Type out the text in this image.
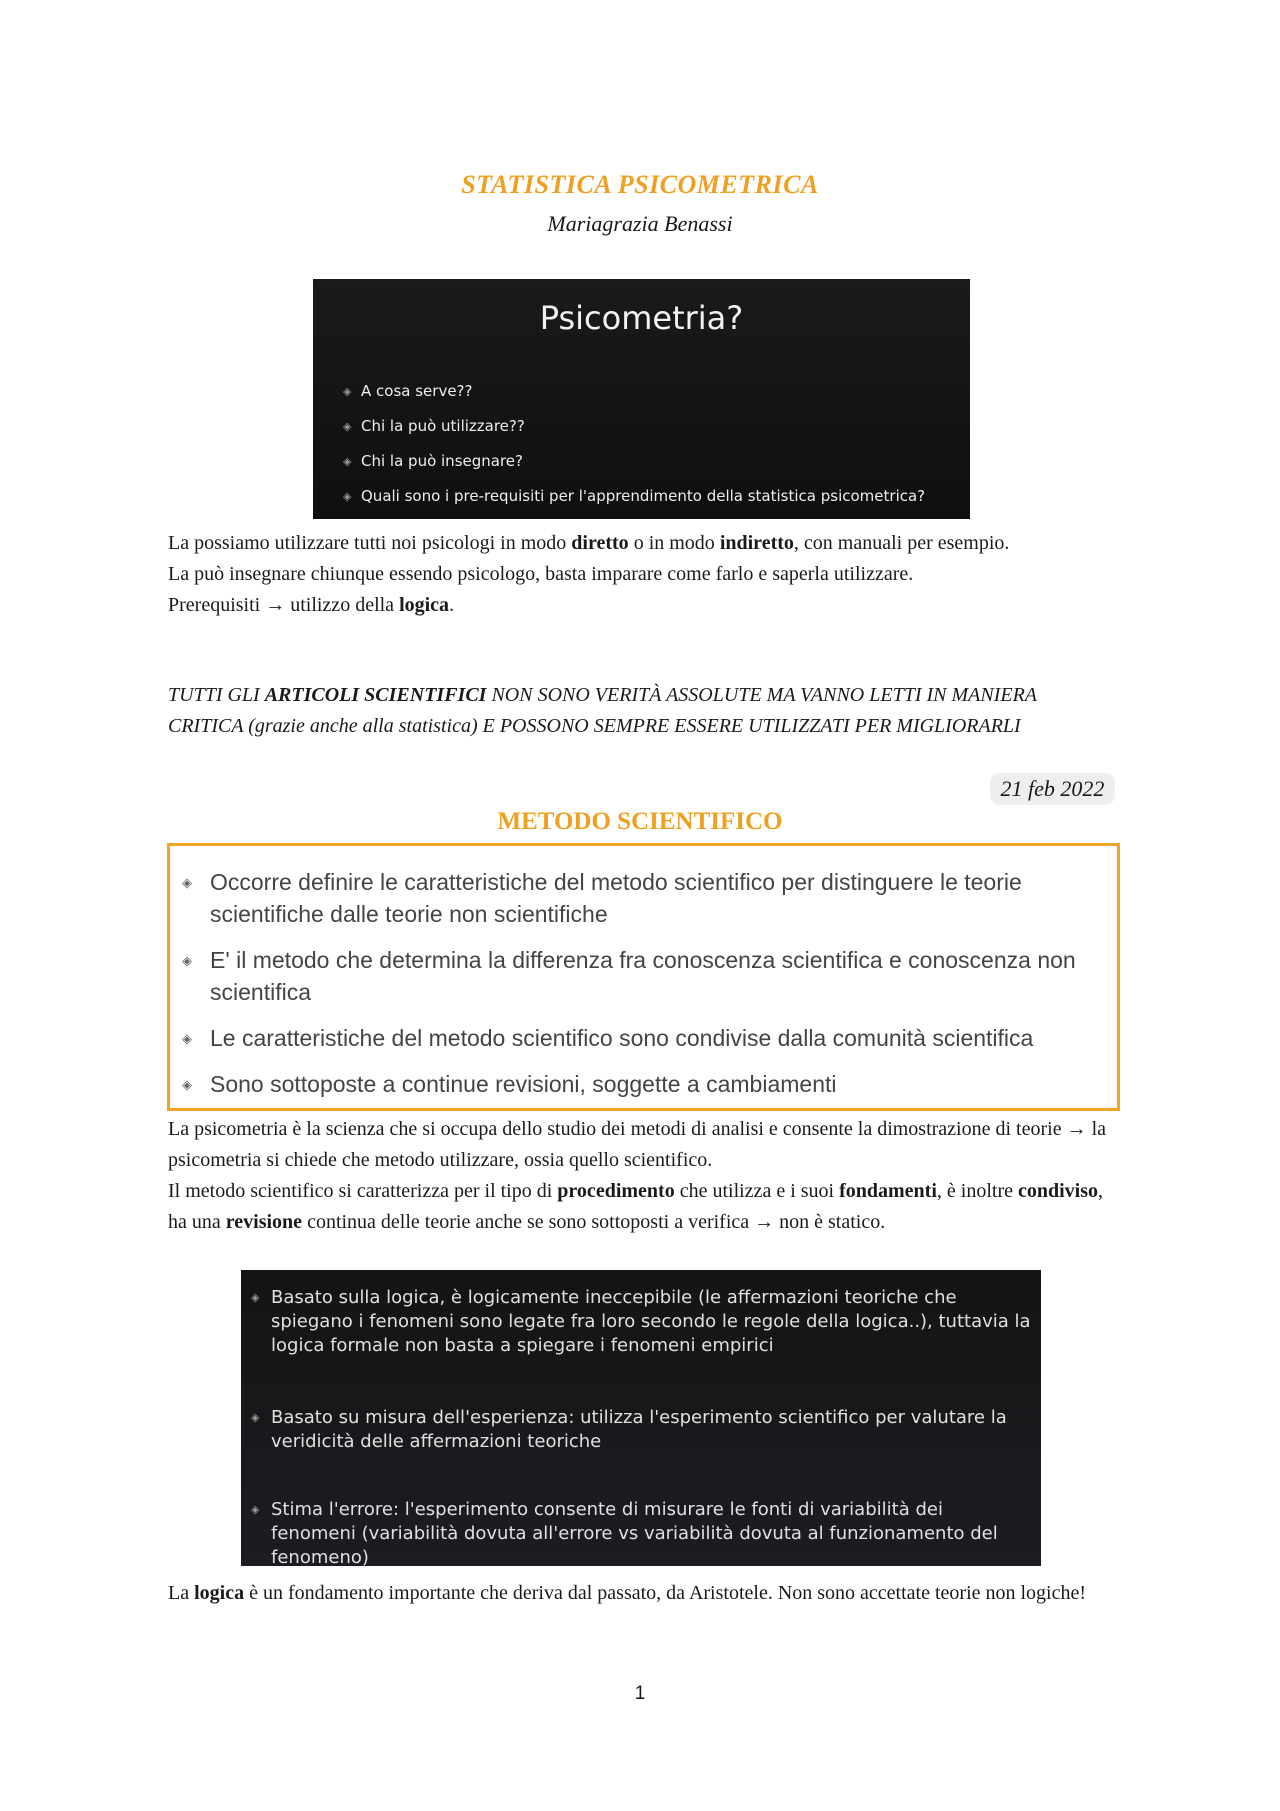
STATISTICA PSICOMETRICA

Mariagrazia Benassi

Psicometria?
◈ A cosa serve??
◈ Chi la può utilizzare??
◈ Chi la può insegnare?
◈ Quali sono i pre-requisiti per l'apprendimento della statistica psicometrica?

La possiamo utilizzare tutti noi psicologi in modo diretto o in modo indiretto, con manuali per esempio.
La può insegnare chiunque essendo psicologo, basta imparare come farlo e saperla utilizzare.
Prerequisiti → utilizzo della logica.

TUTTI GLI ARTICOLI SCIENTIFICI NON SONO VERITÀ ASSOLUTE MA VANNO LETTI IN MANIERA CRITICA (grazie anche alla statistica) E POSSONO SEMPRE ESSERE UTILIZZATI PER MIGLIORARLI

21 feb 2022
METODO SCIENTIFICO
◈ Occorre definire le caratteristiche del metodo scientifico per distinguere le teorie scientifiche dalle teorie non scientifiche
◈ E' il metodo che determina la differenza fra conoscenza scientifica e conoscenza non scientifica
◈ Le caratteristiche del metodo scientifico sono condivise dalla comunità scientifica
◈ Sono sottoposte a continue revisioni, soggette a cambiamenti

La psicometria è la scienza che si occupa dello studio dei metodi di analisi e consente la dimostrazione di teorie → la psicometria si chiede che metodo utilizzare, ossia quello scientifico.
Il metodo scientifico si caratterizza per il tipo di procedimento che utilizza e i suoi fondamenti, è inoltre condiviso, ha una revisione continua delle teorie anche se sono sottoposti a verifica → non è statico.

◈ Basato sulla logica, è logicamente ineccepibile (le affermazioni teoriche che spiegano i fenomeni sono legate fra loro secondo le regole della logica..), tuttavia la logica formale non basta a spiegare i fenomeni empirici
◈ Basato su misura dell'esperienza: utilizza l'esperimento scientifico per valutare la veridicità delle affermazioni teoriche
◈ Stima l'errore: l'esperimento consente di misurare le fonti di variabilità dei fenomeni (variabilità dovuta all'errore vs variabilità dovuta al funzionamento del fenomeno)

La logica è un fondamento importante che deriva dal passato, da Aristotele. Non sono accettate teorie non logiche!

1
